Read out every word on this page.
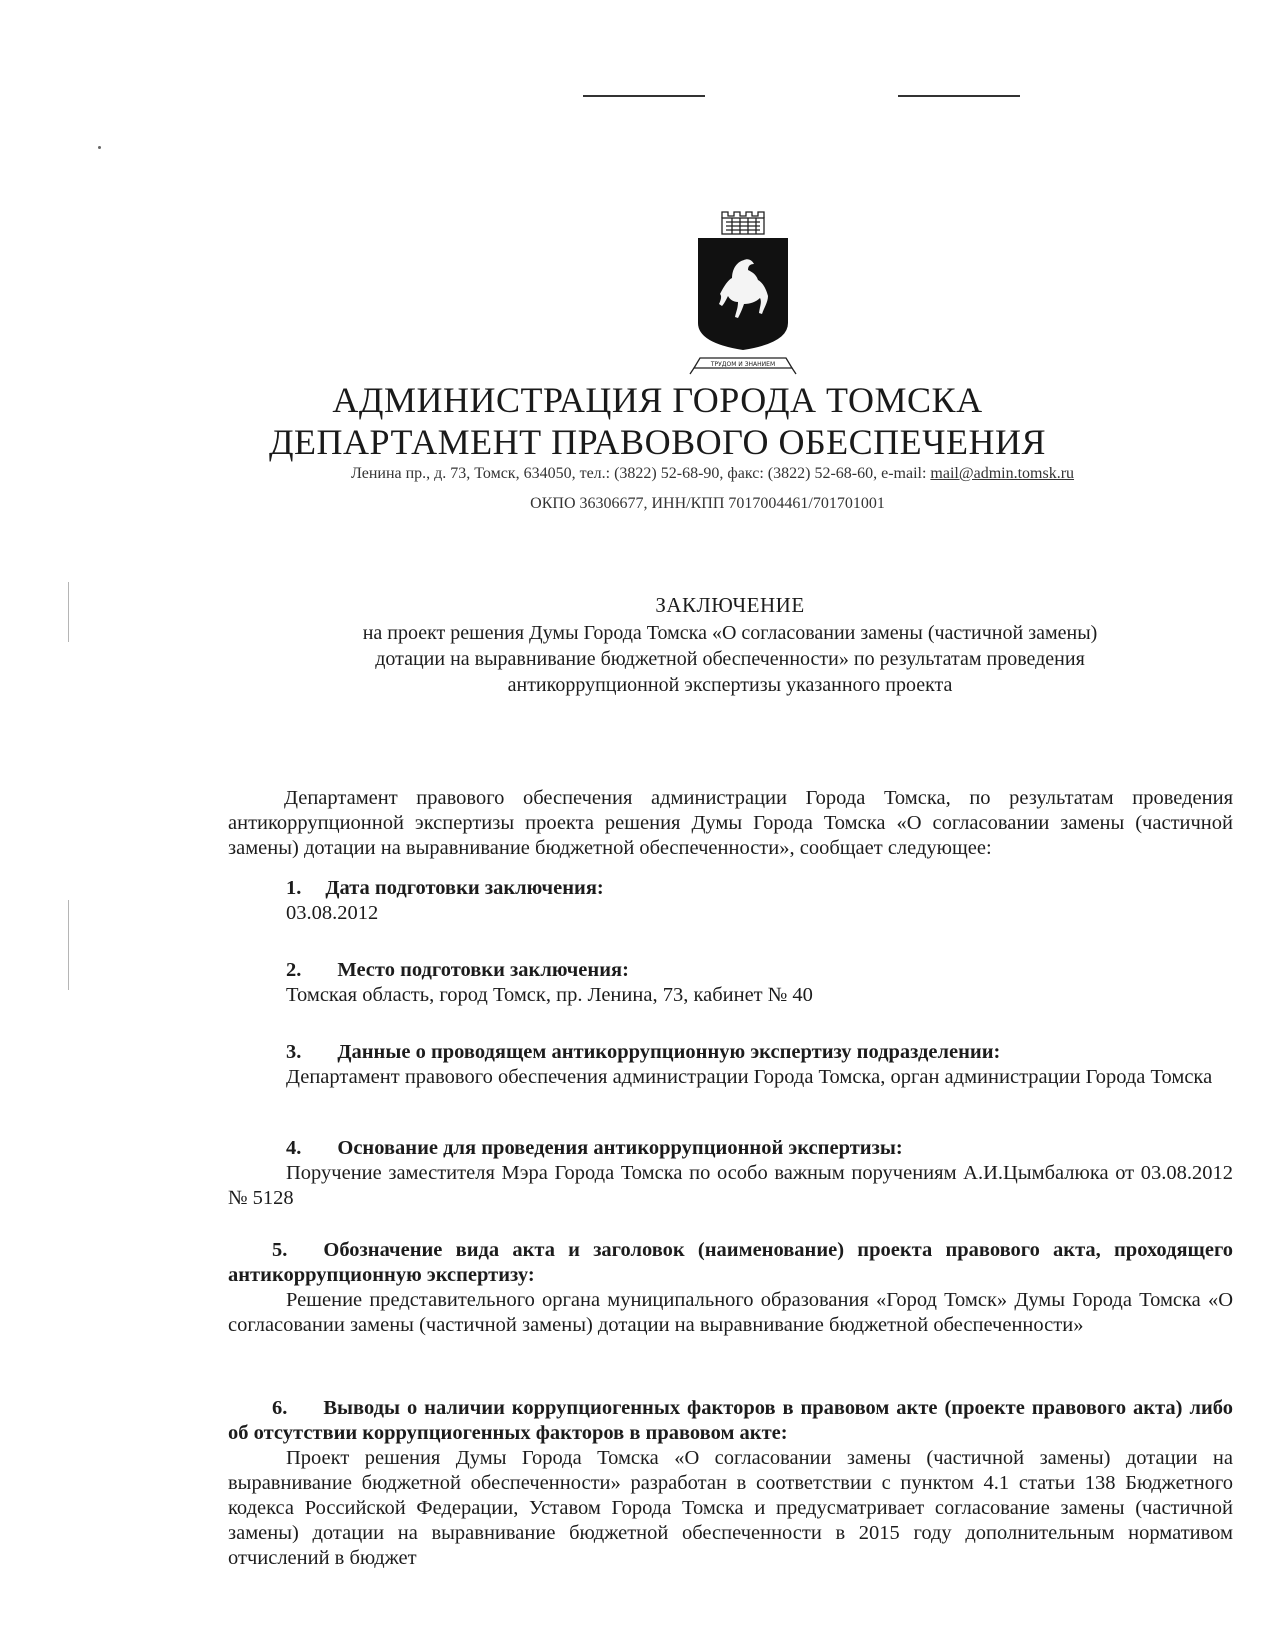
ТРУДОМ И ЗНАНИЕМ
АДМИНИСТРАЦИЯ ГОРОДА ТОМСКА
ДЕПАРТАМЕНТ ПРАВОВОГО ОБЕСПЕЧЕНИЯ
Ленина пр., д. 73, Томск, 634050, тел.: (3822) 52-68-90, факс: (3822) 52-68-60, e-mail: mail@admin.tomsk.ru
ОКПО 36306677, ИНН/КПП 7017004461/701701001
ЗАКЛЮЧЕНИЕ
на проект решения Думы Города Томска «О согласовании замены (частичной замены)
дотации на выравнивание бюджетной обеспеченности» по результатам проведения
антикоррупционной экспертизы указанного проекта
Департамент правового обеспечения администрации Города Томска, по результатам проведения антикоррупционной экспертизы проекта решения Думы Города Томска «О согласовании замены (частичной замены) дотации на выравнивание бюджетной обеспеченности», сообщает следующее:
1. Дата подготовки заключения:
03.08.2012
2. Место подготовки заключения:
Томская область, город Томск, пр. Ленина, 73, кабинет № 40
3. Данные о проводящем антикоррупционную экспертизу подразделении:
Департамент правового обеспечения администрации Города Томска, орган администрации Города Томска
4. Основание для проведения антикоррупционной экспертизы:
Поручение заместителя Мэра Города Томска по особо важным поручениям А.И.Цымбалюка от 03.08.2012 № 5128
5. Обозначение вида акта и заголовок (наименование) проекта правового акта, проходящего антикоррупционную экспертизу:
Решение представительного органа муниципального образования «Город Томск» Думы Города Томска «О согласовании замены (частичной замены) дотации на выравнивание бюджетной обеспеченности»
6. Выводы о наличии коррупциогенных факторов в правовом акте (проекте правового акта) либо об отсутствии коррупциогенных факторов в правовом акте:
Проект решения Думы Города Томска «О согласовании замены (частичной замены) дотации на выравнивание бюджетной обеспеченности» разработан в соответствии с пунктом 4.1 статьи 138 Бюджетного кодекса Российской Федерации, Уставом Города Томска и предусматривает согласование замены (частичной замены) дотации на выравнивание бюджетной обеспеченности в 2015 году дополнительным нормативом отчислений в бюджет
